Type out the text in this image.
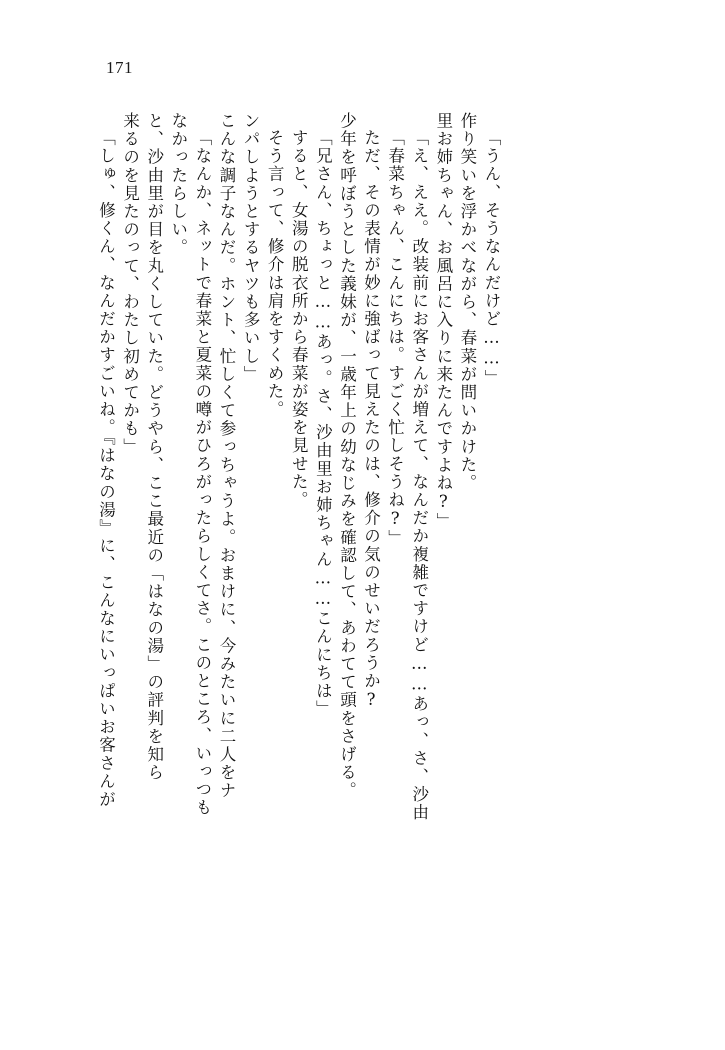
171
「しゅ、修くん、なんだかすごいね。『はなの湯』に、こんなにいっぱいお客さんが 来るのを見たのって、わたし初めてかも」 と、沙由里が目を丸くしていた。どうやら、ここ最近の「はなの湯」の評判を知ら なかったらしい。 「なんか、ネットで春菜と夏菜の噂がひろがったらしくてさ。このところ、いっつも こんな調子なんだ。ホント、忙しくて参っちゃうよ。おまけに、今みたいに二人をナ ンパしようとするヤツも多いし」 そう言って、修介は肩をすくめた。 すると、女湯の脱衣所から春菜が姿を見せた。 「兄さん、ちょっと……あっ。さ、沙由里お姉ちゃん……こんにちは」 少年を呼ぼうとした義妹が、一歳年上の幼なじみを確認して、あわてて頭をさげる。 ただ、その表情が妙に強ばって見えたのは、修介の気のせいだろうか? 「春菜ちゃん、こんにちは。すごく忙しそうね?」 「え、ええ。改装前にお客さんが増えて、なんだか複雑ですけど……あっ、さ、沙由 里お姉ちゃん、お風呂に入りに来たんですよね?」 作り笑いを浮かべながら、春菜が問いかけた。 「うん、そうなんだけど……」
